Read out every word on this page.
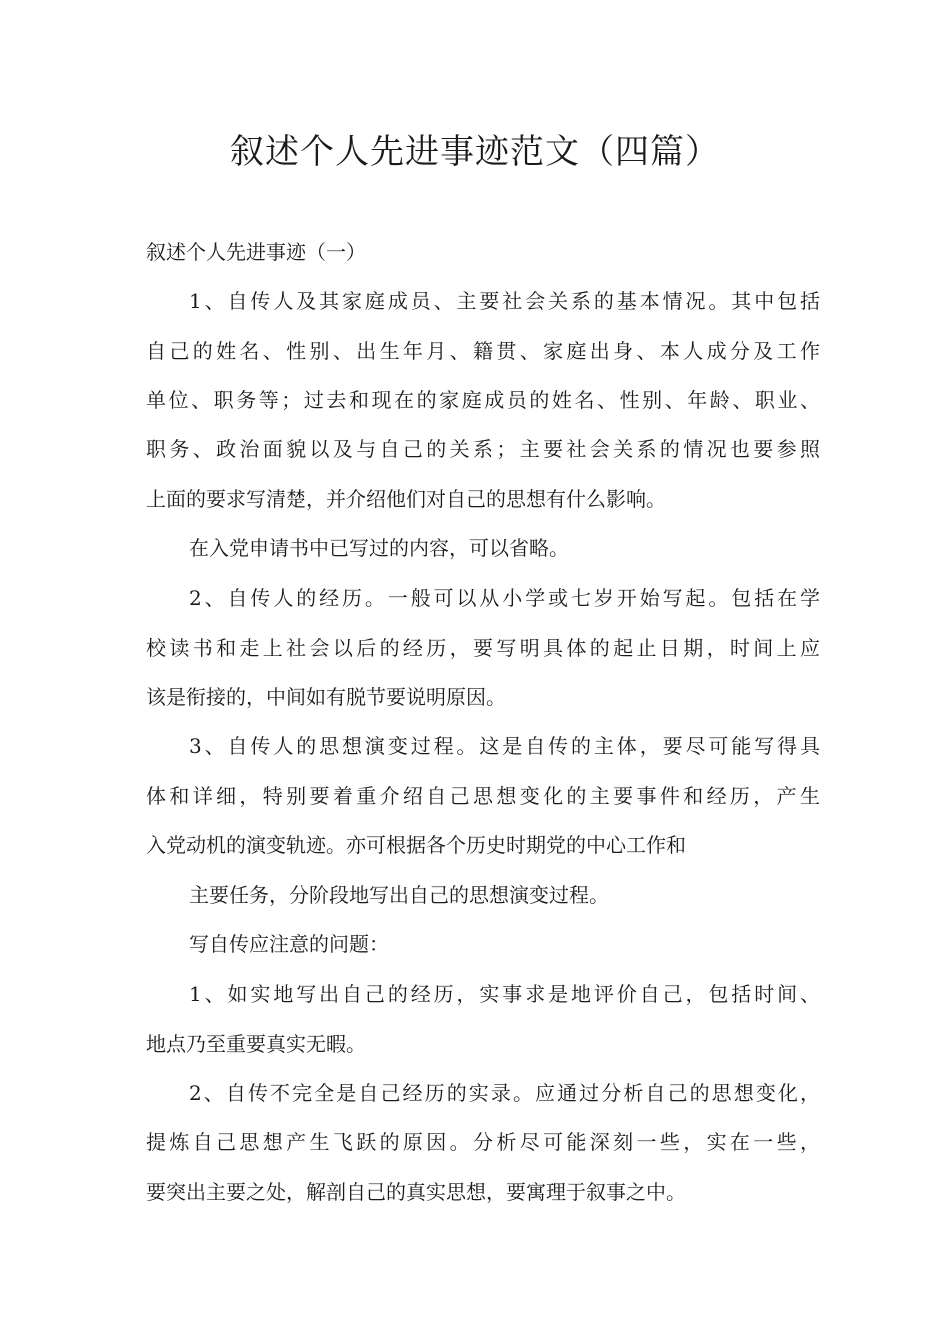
叙述个人先进事迹范文（四篇）

叙述个人先进事迹（一）

1、自传人及其家庭成员、主要社会关系的基本情况。其中包括

自己的姓名、性别、出生年月、籍贯、家庭出身、本人成分及工作

单位、职务等；过去和现在的家庭成员的姓名、性别、年龄、职业、

职务、政治面貌以及与自己的关系；主要社会关系的情况也要参照

上面的要求写清楚，并介绍他们对自己的思想有什么影响。

在入党申请书中已写过的内容，可以省略。

2、自传人的经历。一般可以从小学或七岁开始写起。包括在学

校读书和走上社会以后的经历，要写明具体的起止日期，时间上应

该是衔接的，中间如有脱节要说明原因。

3、自传人的思想演变过程。这是自传的主体，要尽可能写得具

体和详细，特别要着重介绍自己思想变化的主要事件和经历，产生

入党动机的演变轨迹。亦可根据各个历史时期党的中心工作和

主要任务，分阶段地写出自己的思想演变过程。

写自传应注意的问题：

1、如实地写出自己的经历，实事求是地评价自己，包括时间、

地点乃至重要真实无暇。

2、自传不完全是自己经历的实录。应通过分析自己的思想变化，

提炼自己思想产生飞跃的原因。分析尽可能深刻一些，实在一些，

要突出主要之处，解剖自己的真实思想，要寓理于叙事之中。
